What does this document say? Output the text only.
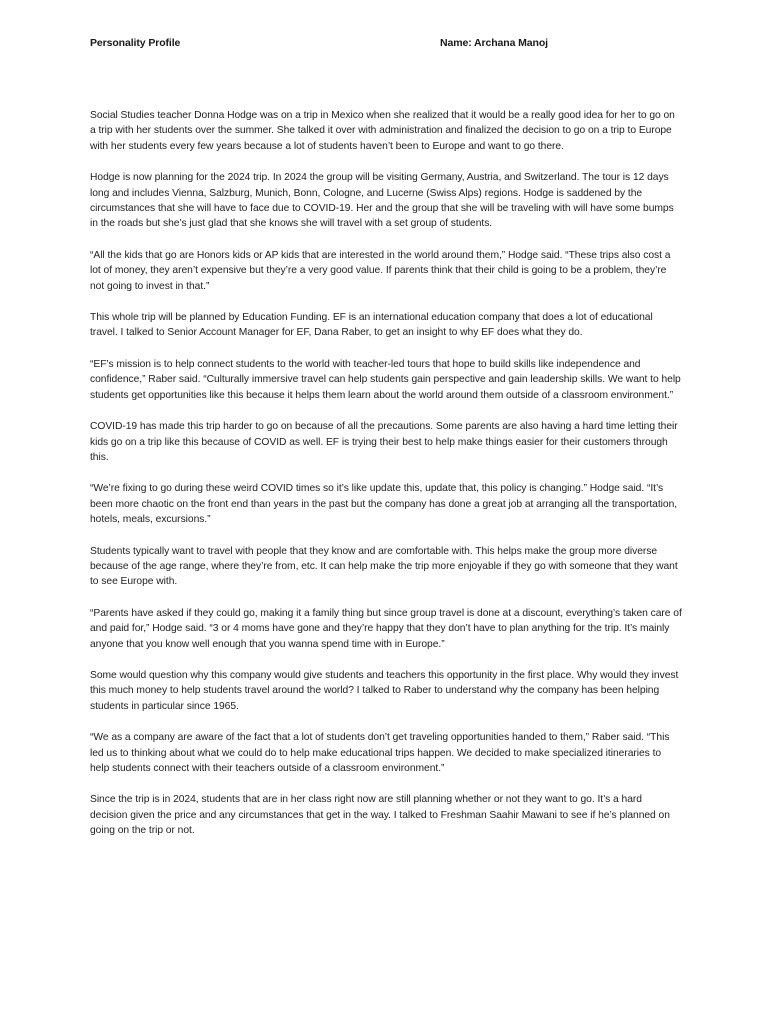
Personality Profile	Name: Archana Manoj

Social Studies teacher Donna Hodge was on a trip in Mexico when she realized that it would be a really good idea for her to go on a trip with her students over the summer. She talked it over with administration and finalized the decision to go on a trip to Europe with her students every few years because a lot of students haven’t been to Europe and want to go there.

Hodge is now planning for the 2024 trip. In 2024 the group will be visiting Germany, Austria, and Switzerland. The tour is 12 days long and includes Vienna, Salzburg, Munich, Bonn, Cologne, and Lucerne (Swiss Alps) regions. Hodge is saddened by the circumstances that she will have to face due to COVID-19. Her and the group that she will be traveling with will have some bumps in the roads but she’s just glad that she knows she will travel with a set group of students.

“All the kids that go are Honors kids or AP kids that are interested in the world around them,” Hodge said. “These trips also cost a lot of money, they aren’t expensive but they’re a very good value. If parents think that their child is going to be a problem, they’re not going to invest in that.”

This whole trip will be planned by Education Funding. EF is an international education company that does a lot of educational travel. I talked to Senior Account Manager for EF, Dana Raber, to get an insight to why EF does what they do.

“EF’s mission is to help connect students to the world with teacher-led tours that hope to build skills like independence and confidence,” Raber said. “Culturally immersive travel can help students gain perspective and gain leadership skills. We want to help students get opportunities like this because it helps them learn about the world around them outside of a classroom environment.”

COVID-19 has made this trip harder to go on because of all the precautions. Some parents are also having a hard time letting their kids go on a trip like this because of COVID as well. EF is trying their best to help make things easier for their customers through this.

“We’re fixing to go during these weird COVID times so it’s like update this, update that, this policy is changing.” Hodge said. “It’s been more chaotic on the front end than years in the past but the company has done a great job at arranging all the transportation, hotels, meals, excursions.”

Students typically want to travel with people that they know and are comfortable with. This helps make the group more diverse because of the age range, where they’re from, etc. It can help make the trip more enjoyable if they go with someone that they want to see Europe with.

“Parents have asked if they could go, making it a family thing but since group travel is done at a discount, everything’s taken care of and paid for,” Hodge said. “3 or 4 moms have gone and they’re happy that they don’t have to plan anything for the trip. It’s mainly anyone that you know well enough that you wanna spend time with in Europe.”

Some would question why this company would give students and teachers this opportunity in the first place. Why would they invest this much money to help students travel around the world? I talked to Raber to understand why the company has been helping students in particular since 1965.

“We as a company are aware of the fact that a lot of students don’t get traveling opportunities handed to them,” Raber said. “This led us to thinking about what we could do to help make educational trips happen. We decided to make specialized itineraries to help students connect with their teachers outside of a classroom environment.”

Since the trip is in 2024, students that are in her class right now are still planning whether or not they want to go. It’s a hard decision given the price and any circumstances that get in the way. I talked to Freshman Saahir Mawani to see if he’s planned on going on the trip or not.
